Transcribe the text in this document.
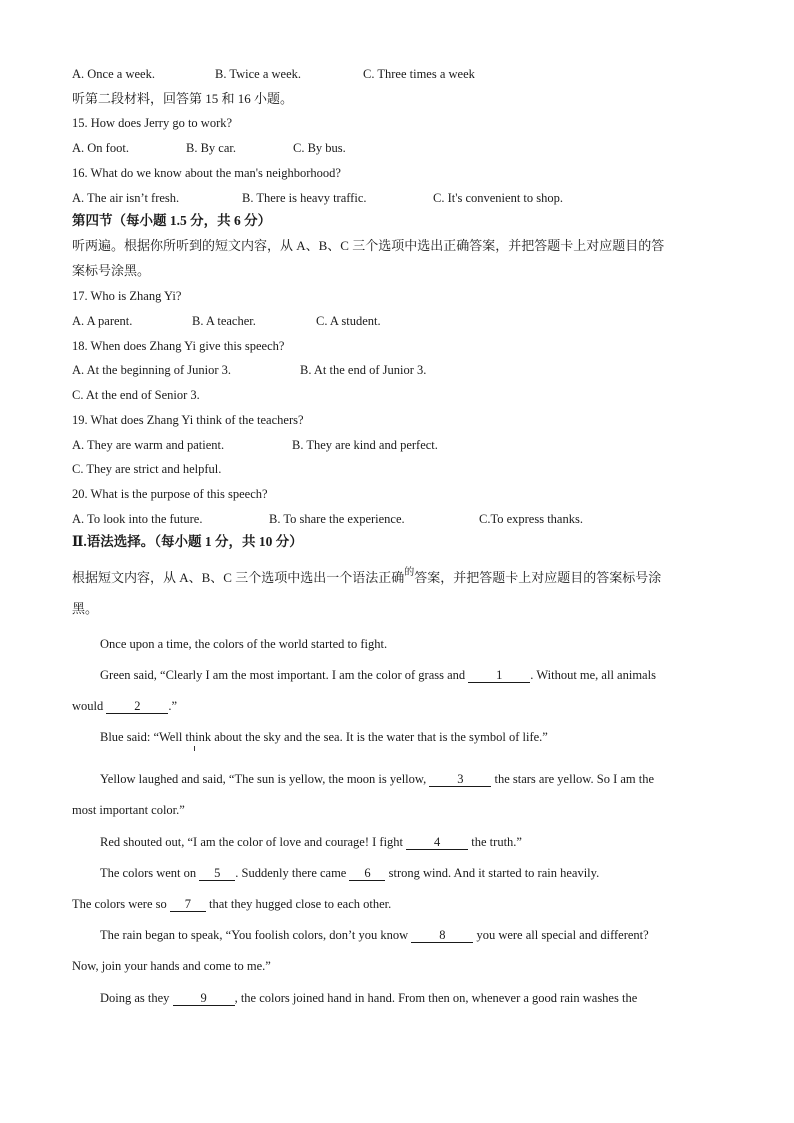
A. Once a week.	B. Twice a week.	C. Three times a week
听第二段材料，回答第 15 和 16 小题。
15. How does Jerry go to work?
A. On foot.	B. By car.	C. By bus.
16. What do we know about the man's neighborhood?
A. The air isn’t fresh.	B. There is heavy traffic.	C. It's convenient to shop.
第四节（每小题 1.5 分，共 6 分）
听两遍。根据你所听到的短文内容，从 A、B、C 三个选项中选出正确答案，并把答题卡上对应题目的答
案标号涂黑。
17. Who is Zhang Yi?
A. A parent.	B. A teacher.	C. A student.
18. When does Zhang Yi give this speech?
A. At the beginning of Junior 3.	B. At the end of Junior 3.
C. At the end of Senior 3.
19. What does Zhang Yi think of the teachers?
A. They are warm and patient.	B. They are kind and perfect.
C. They are strict and helpful.
20. What is the purpose of this speech?
A. To look into the future.	B. To share the experience.	C.To express thanks.
Ⅱ.语法选择。（每小题 1 分，共 10 分）
根据短文内容，从 A、B、C 三个选项中选出一个语法正确$^的$答案，并把答题卡上对应题目的答案标号涂
黑。
Once upon a time, the colors of the world started to fight.
Green said, “Clearly I am the most important. I am the color of grass and 1 . Without me, all animals
would 2 .”
Blue said: “Well think about the sky and the sea. It is the water that is the symbol of life.”
Yellow laughed and said, “The sun is yellow, the moon is yellow, 3 the stars are yellow. So I am the
most important color.”
Red shouted out, “I am the color of love and courage! I fight 4 the truth.”
The colors went on 5 . Suddenly there came 6 strong wind. And it started to rain heavily.
The colors were so 7 that they hugged close to each other.
The rain began to speak, “You foolish colors, don’t you know 8 you were all special and different?
Now, join your hands and come to me.”
Doing as they 9 , the colors joined hand in hand. From then on, whenever a good rain washes the
